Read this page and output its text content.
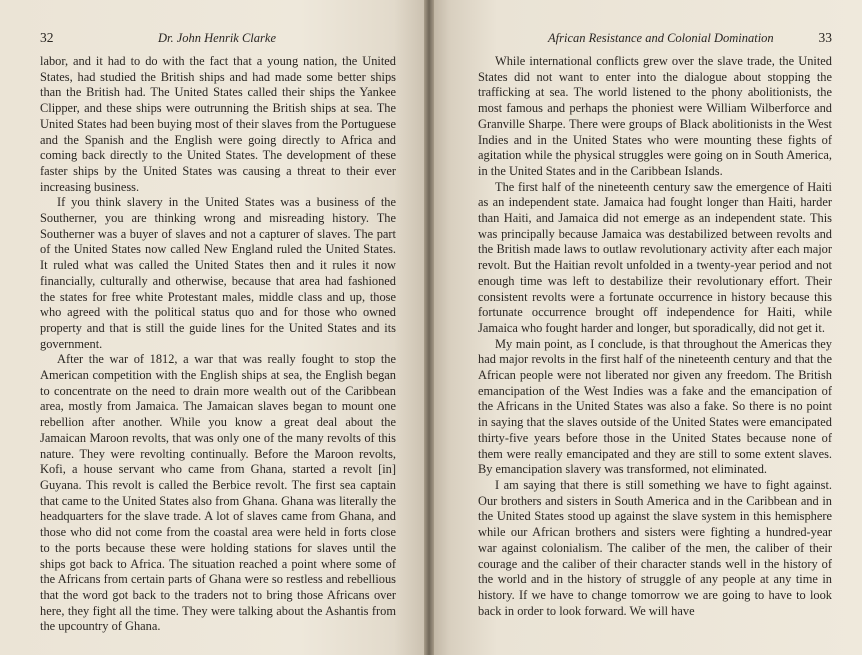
32	Dr. John Henrik Clarke

labor, and it had to do with the fact that a young nation, the United States, had studied the British ships and had made some better ships than the British had. The United States called their ships the Yankee Clipper, and these ships were outrunning the British ships at sea. The United States had been buying most of their slaves from the Portuguese and the Spanish and the English were going directly to Africa and coming back directly to the United States. The development of these faster ships by the United States was causing a threat to their ever increasing business.

If you think slavery in the United States was a business of the Southerner, you are thinking wrong and misreading history. The Southerner was a buyer of slaves and not a capturer of slaves. The part of the United States now called New England ruled the United States. It ruled what was called the United States then and it rules it now financially, culturally and otherwise, because that area had fashioned the states for free white Protestant males, middle class and up, those who agreed with the political status quo and for those who owned property and that is still the guide lines for the United States and its government.

After the war of 1812, a war that was really fought to stop the American competition with the English ships at sea, the English began to concentrate on the need to drain more wealth out of the Caribbean area, mostly from Jamaica. The Jamaican slaves began to mount one rebellion after another. While you know a great deal about the Jamaican Maroon revolts, that was only one of the many revolts of this nature. They were revolting continually. Before the Maroon revolts, Kofi, a house servant who came from Ghana, started a revolt [in] Guyana. This revolt is called the Berbice revolt. The first sea captain that came to the United States also from Ghana. Ghana was literally the headquarters for the slave trade. A lot of slaves came from Ghana, and those who did not come from the coastal area were held in forts close to the ports because these were holding stations for slaves until the ships got back to Africa. The situation reached a point where some of the Africans from certain parts of Ghana were so restless and rebellious that the word got back to the traders not to bring those Africans over here, they fight all the time. They were talking about the Ashantis from the upcountry of Ghana.

African Resistance and Colonial Domination	33

While international conflicts grew over the slave trade, the United States did not want to enter into the dialogue about stopping the trafficking at sea. The world listened to the phony abolitionists, the most famous and perhaps the phoniest were William Wilberforce and Granville Sharpe. There were groups of Black abolitionists in the West Indies and in the United States who were mounting these fights of agitation while the physical struggles were going on in South America, in the United States and in the Caribbean Islands.

The first half of the nineteenth century saw the emergence of Haiti as an independent state. Jamaica had fought longer than Haiti, harder than Haiti, and Jamaica did not emerge as an independent state. This was principally because Jamaica was destabilized between revolts and the British made laws to outlaw revolutionary activity after each major revolt. But the Haitian revolt unfolded in a twenty-year period and not enough time was left to destabilize their revolutionary effort. Their consistent revolts were a fortunate occurrence in history because this fortunate occurrence brought off independence for Haiti, while Jamaica who fought harder and longer, but sporadically, did not get it.

My main point, as I conclude, is that throughout the Americas they had major revolts in the first half of the nineteenth century and that the African people were not liberated nor given any freedom. The British emancipation of the West Indies was a fake and the emancipation of the Africans in the United States was also a fake. So there is no point in saying that the slaves outside of the United States were emancipated thirty-five years before those in the United States because none of them were really emancipated and they are still to some extent slaves. By emancipation slavery was transformed, not eliminated.

I am saying that there is still something we have to fight against. Our brothers and sisters in South America and in the Caribbean and in the United States stood up against the slave system in this hemisphere while our African brothers and sisters were fighting a hundred-year war against colonialism. The caliber of the men, the caliber of their courage and the caliber of their character stands well in the history of the world and in the history of struggle of any people at any time in history. If we have to change tomorrow we are going to have to look back in order to look forward. We will have
